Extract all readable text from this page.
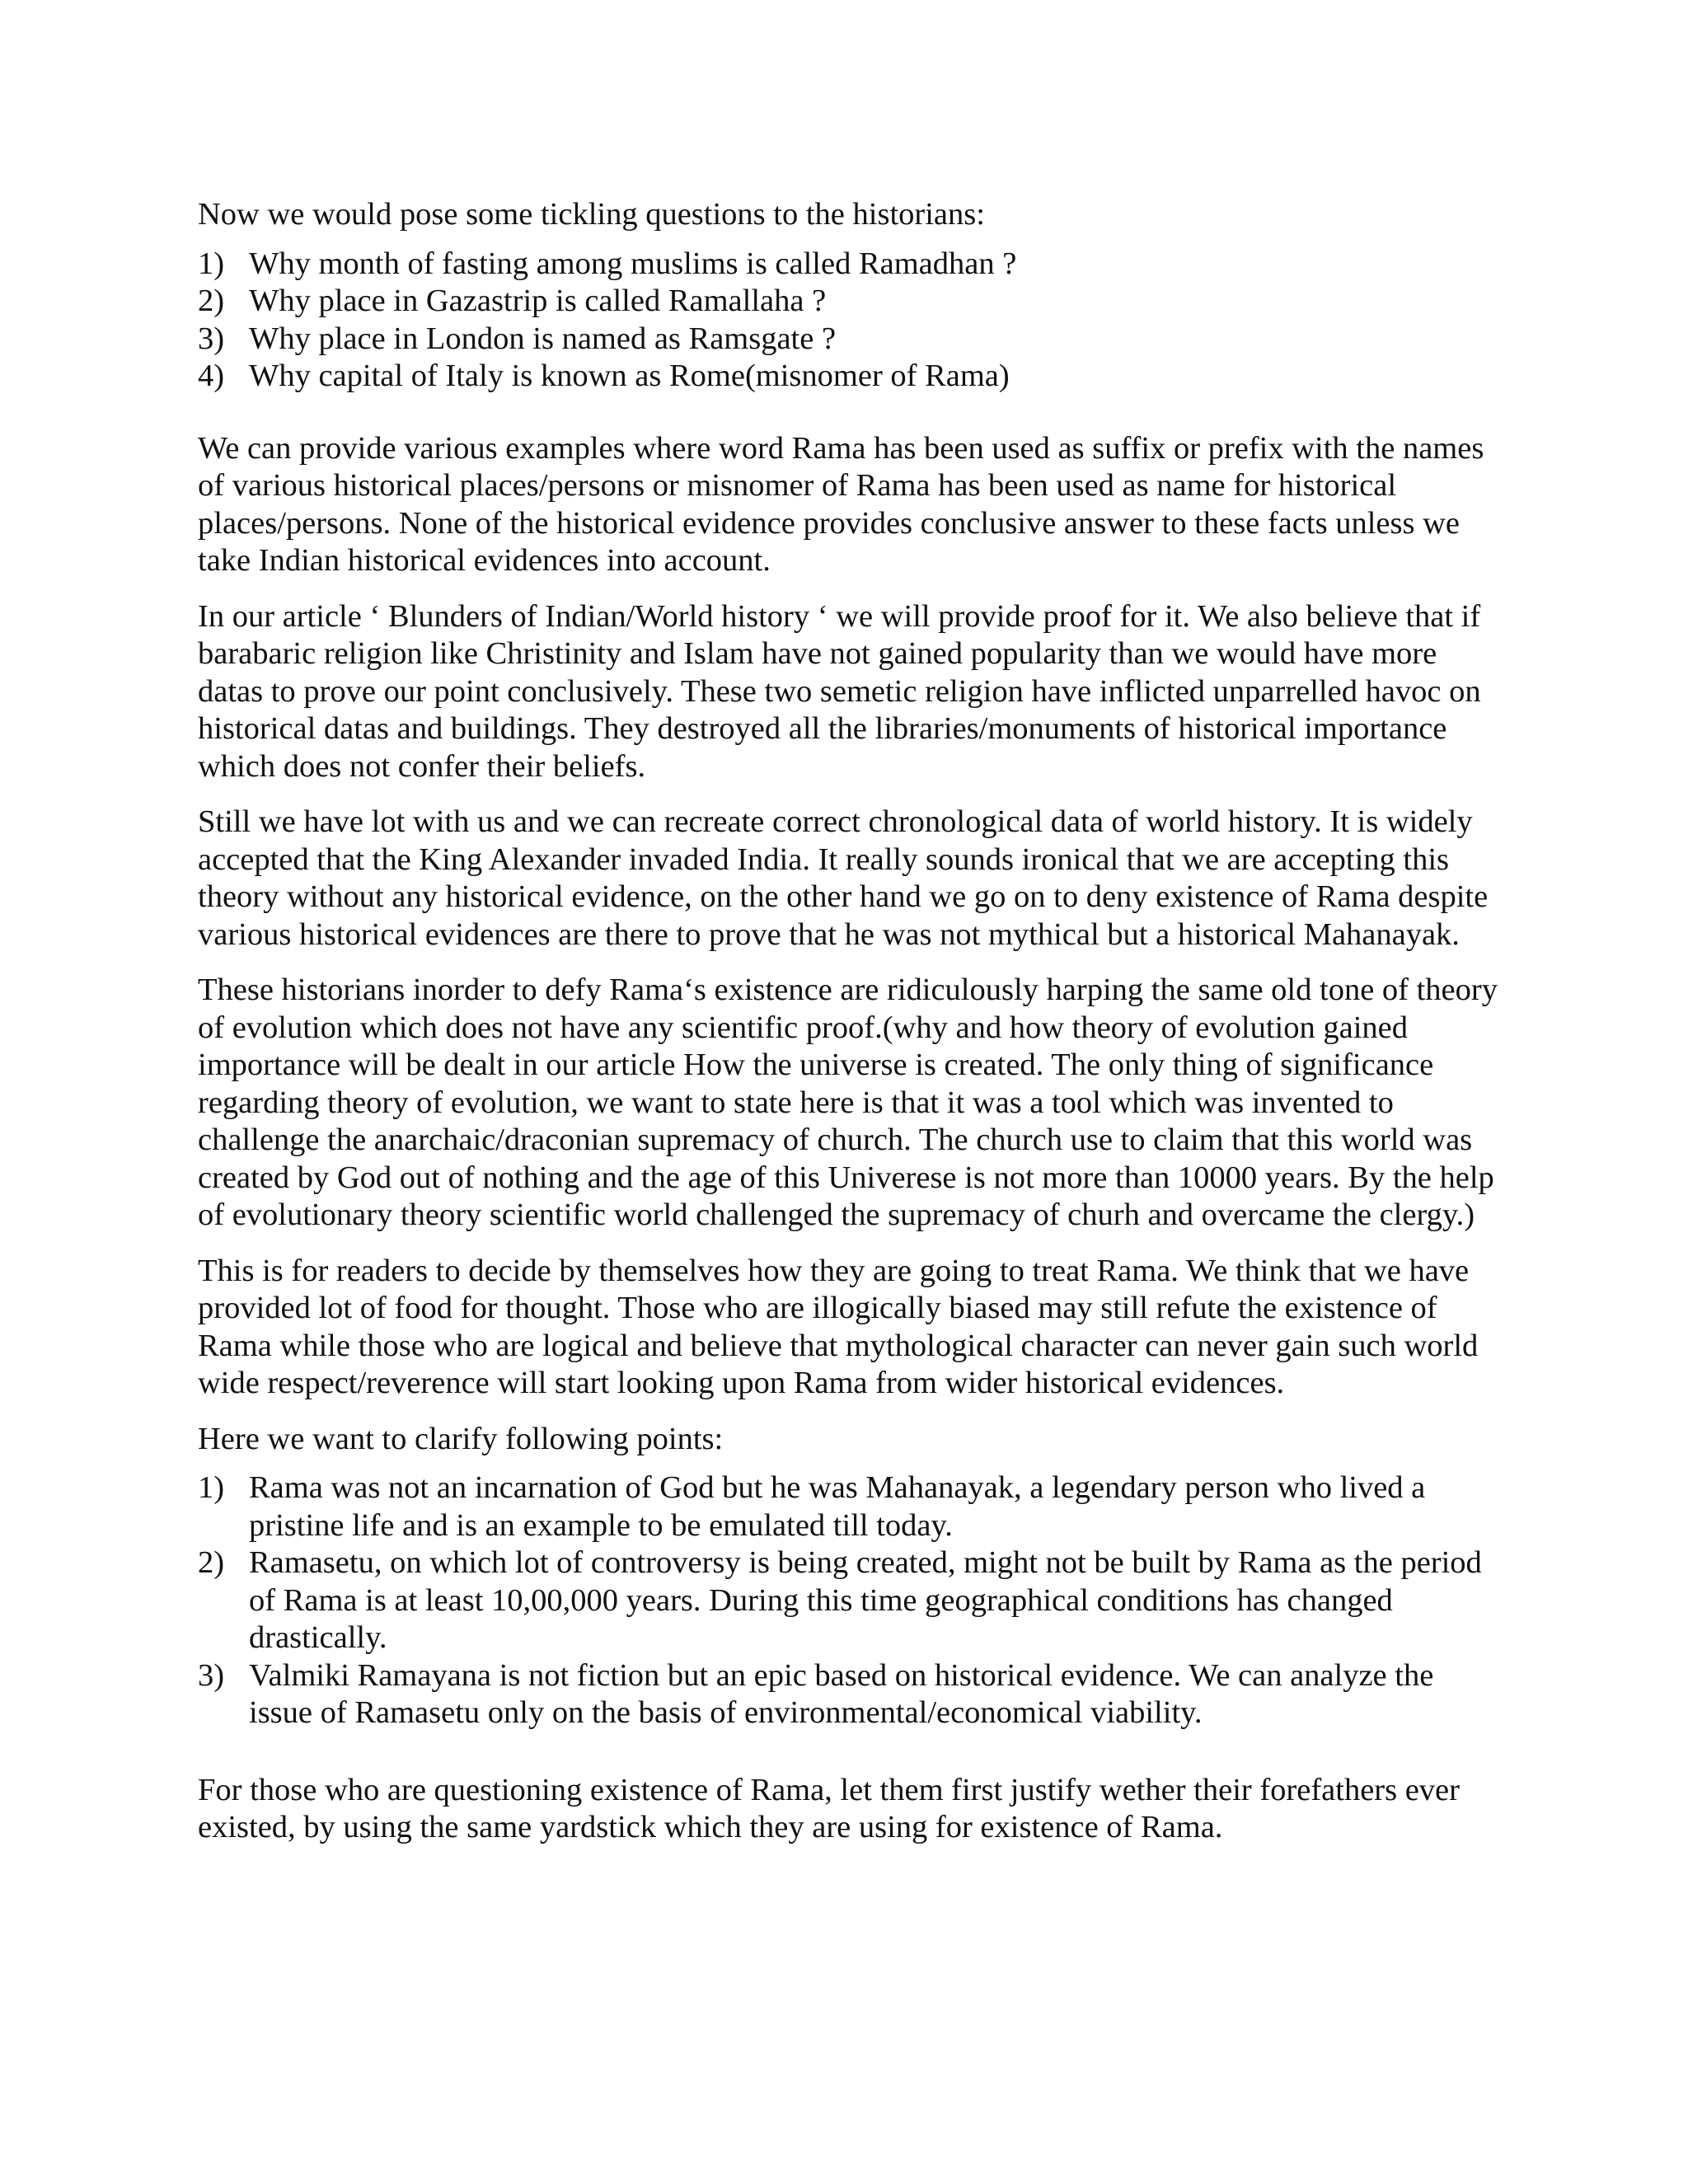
Now we would pose some tickling questions to the historians:

1) Why month of fasting among muslims is called Ramadhan ?
2) Why place in Gazastrip is called Ramallaha ?
3) Why place in London is named as Ramsgate ?
4) Why capital of Italy is known as Rome(misnomer of Rama)

We can provide various examples where word Rama has been used as suffix or prefix with the names of various historical places/persons or misnomer of Rama has been used as name for historical places/persons. None of the historical evidence provides conclusive answer to these facts unless we take Indian historical evidences into account.

In our article ‘ Blunders of Indian/World history ‘ we will provide proof for it. We also believe that if barabaric religion like Christinity and Islam have not gained popularity than we would have more datas to prove our point conclusively. These two semetic religion have inflicted unparrelled havoc on historical datas and buildings. They destroyed all the libraries/monuments of historical importance which does not confer their beliefs.

Still we have lot with us and we can recreate correct chronological data of world history. It is widely accepted that the King Alexander invaded India. It really sounds ironical that we are accepting this theory without any historical evidence, on the other hand we go on to deny existence of Rama despite various historical evidences are there to prove that he was not mythical but a historical Mahanayak.

These historians inorder to defy Rama‘s existence are ridiculously harping the same old tone of theory of evolution which does not have any scientific proof.(why and how theory of evolution gained importance will be dealt in our article How the universe is created. The only thing of significance regarding theory of evolution, we want to state here is that it was a tool which was invented to challenge the anarchaic/draconian supremacy of church. The church use to claim that this world was created by God out of nothing and the age of this Univerese is not more than 10000 years. By the help of evolutionary theory scientific world challenged the supremacy of churh and overcame the clergy.)

This is for readers to decide by themselves how they are going to treat Rama. We think that we have provided lot of food for thought. Those who are illogically biased may still refute the existence of Rama while those who are logical and believe that mythological character can never gain such world wide respect/reverence will start looking upon Rama from wider historical evidences.

Here we want to clarify following points:

1) Rama was not an incarnation of God but he was Mahanayak, a legendary person who lived a pristine life and is an example to be emulated till today.
2) Ramasetu, on which lot of controversy is being created, might not be built by Rama as the period of Rama is at least 10,00,000 years. During this time geographical conditions has changed drastically.
3) Valmiki Ramayana is not fiction but an epic based on historical evidence. We can analyze the issue of Ramasetu only on the basis of environmental/economical viability.

For those who are questioning existence of Rama, let them first justify wether their forefathers ever existed, by using the same yardstick which they are using for existence of Rama.
